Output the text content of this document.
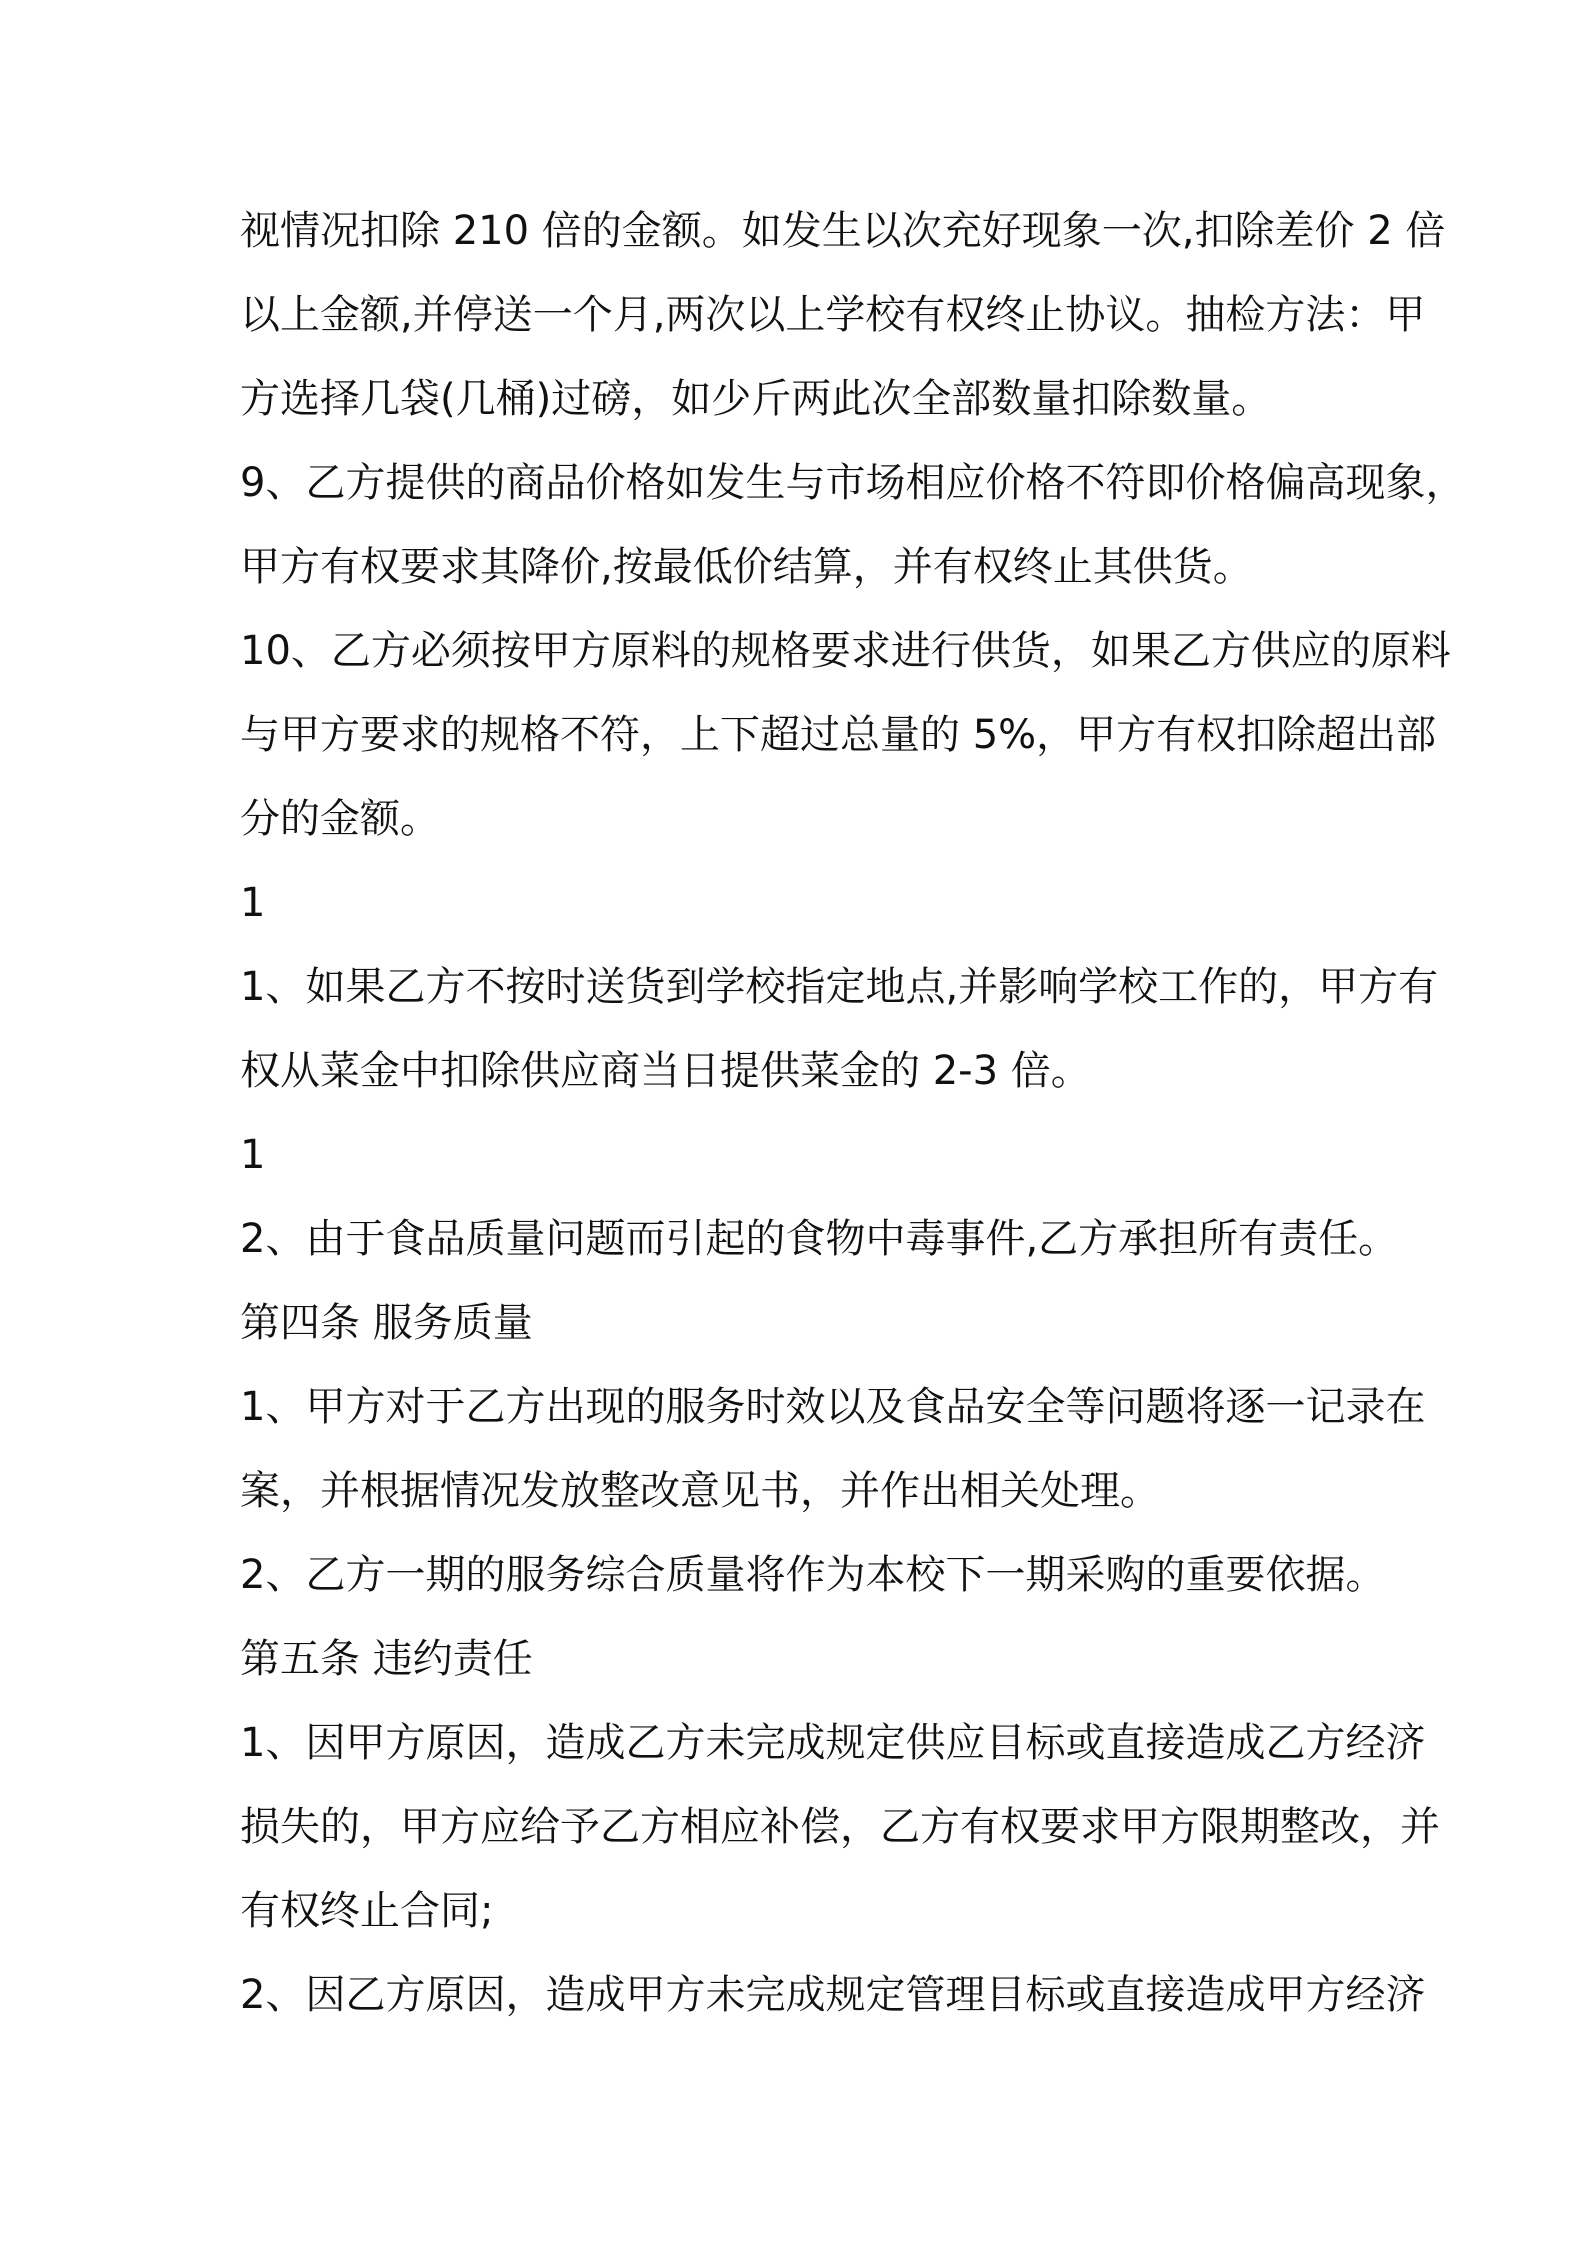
视情况扣除 210 倍的金额。如发生以次充好现象一次,扣除差价 2 倍
以上金额,并停送一个月,两次以上学校有权终止协议。抽检方法：甲
方选择几袋(几桶)过磅，如少斤两此次全部数量扣除数量。
9、乙方提供的商品价格如发生与市场相应价格不符即价格偏高现象，
甲方有权要求其降价,按最低价结算，并有权终止其供货。
10、乙方必须按甲方原料的规格要求进行供货，如果乙方供应的原料
与甲方要求的规格不符，上下超过总量的 5%，甲方有权扣除超出部
分的金额。
1
1、如果乙方不按时送货到学校指定地点,并影响学校工作的，甲方有
权从菜金中扣除供应商当日提供菜金的 2-3 倍。
1
2、由于食品质量问题而引起的食物中毒事件,乙方承担所有责任。
第四条 服务质量
1、甲方对于乙方出现的服务时效以及食品安全等问题将逐一记录在
案，并根据情况发放整改意见书，并作出相关处理。
2、乙方一期的服务综合质量将作为本校下一期采购的重要依据。
第五条 违约责任
1、因甲方原因，造成乙方未完成规定供应目标或直接造成乙方经济
损失的，甲方应给予乙方相应补偿，乙方有权要求甲方限期整改，并
有权终止合同;
2、因乙方原因，造成甲方未完成规定管理目标或直接造成甲方经济
